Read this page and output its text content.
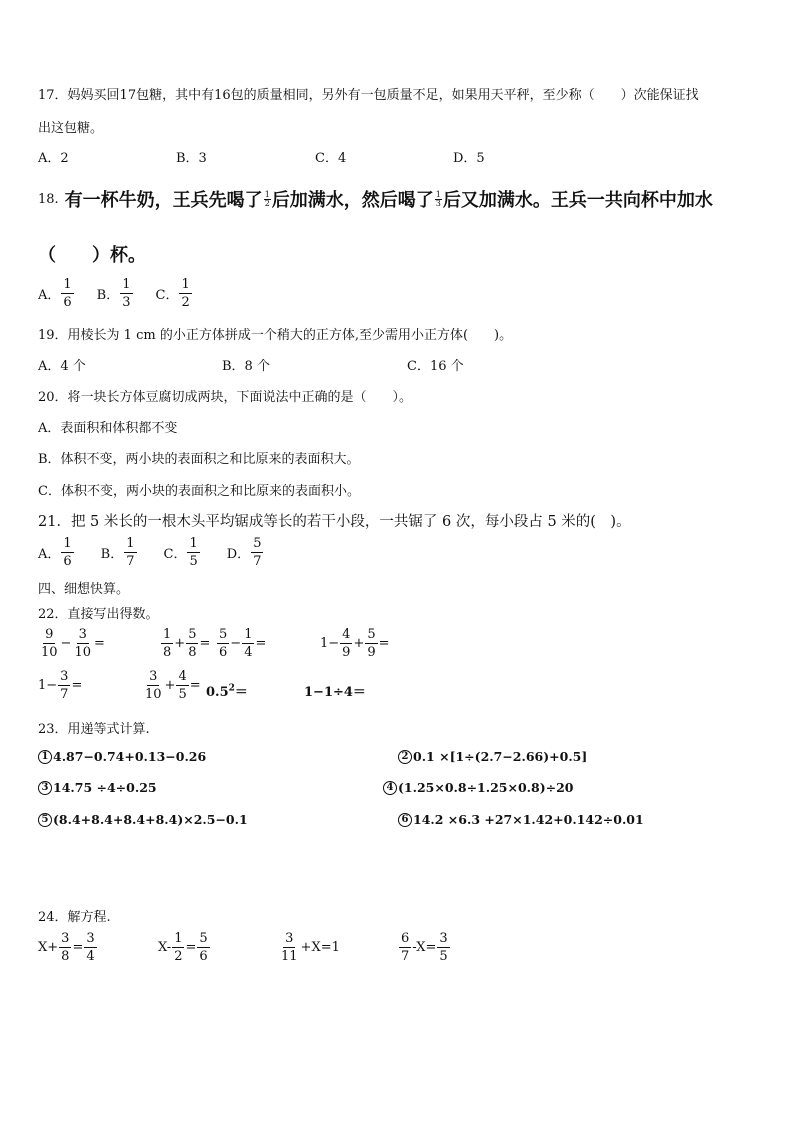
17．妈妈买回17包糖，其中有16包的质量相同，另外有一包质量不足，如果用天平秤，至少称（　　）次能保证找
出这包糖。
A．2	B．3	C．4	D．5
18. 有一杯牛奶，王兵先喝了 $\frac{1}{2}$ 后加满水，然后喝了 $\frac{1}{3}$ 后又加满水。王兵一共向杯中加水
（　　）杯。
A． $\frac{1}{6}$ B． $\frac{1}{3}$ C． $\frac{1}{2}$
19．用棱长为 1 cm 的小正方体拼成一个稍大的正方体,至少需用小正方体(　　)。
A．4 个	B．8 个	C．16 个
20．将一块长方体豆腐切成两块，下面说法中正确的是（　　）。
A．表面积和体积都不变
B．体积不变，两小块的表面积之和比原来的表面积大。
C．体积不变，两小块的表面积之和比原来的表面积小。
21．把 5 米长的一根木头平均锯成等长的若干小段，一共锯了 6 次，每小段占 5 米的(　)。
A． $\frac{1}{6}$ B． $\frac{1}{7}$ C． $\frac{1}{5}$ D． $\frac{5}{7}$
四、细想快算。
22．直接写出得数。
$\frac{9}{10} - \frac{3}{10}$ =	$\frac{1}{8} + \frac{5}{8} = \frac{5}{6} - \frac{1}{4}$ =	$1- \frac{4}{9} + \frac{5}{9}$ =
$1- \frac{3}{7}$ =	$\frac{3}{10} + \frac{4}{5} = 0.5^2=$	1−1÷4＝
23．用递等式计算.
1 4.87−0.74+0.13−0.26	2 0.1 ×[1÷(2.7−2.66)+0.5]
3 14.75 ÷4÷0.25	4 (1.25×0.8÷1.25×0.8)÷20
5 (8.4+8.4+8.4+8.4)×2.5−0.1	6 14.2 ×6.3 +27×1.42+0.142÷0.01
24．解方程.
$X+ \frac{3}{8} = \frac{3}{4}$	$X- \frac{1}{2} = \frac{5}{6}$	$\frac{3}{11} +X=1$	$\frac{6}{7} -X= \frac{3}{5}$
